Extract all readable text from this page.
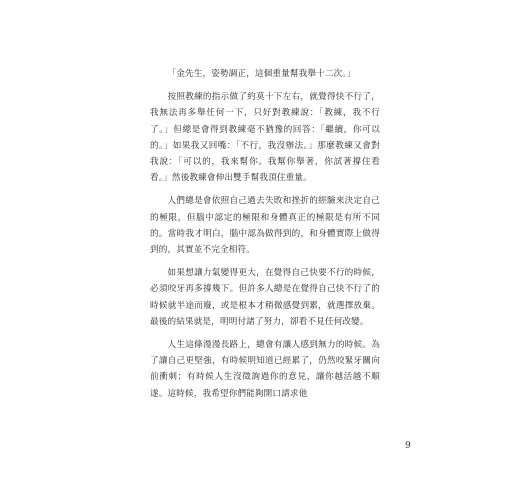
「金先生，姿勢調正，這個重量幫我舉十二次。」

按照教練的指示做了約莫十下左右，就覺得快不行了，我無法再多舉任何一下，只好對教練說：「教練，我不行了。」但總是會得到教練毫不猶豫的回答：「繼續，你可以的。」如果我又回嘴：「不行，我沒辦法。」那麼教練又會對我說：「可以的，我來幫你。我幫你舉著，你試著撐住看看。」然後教練會伸出雙手幫我頂住重量。

人們總是會依照自己過去失敗和挫折的經驗來決定自己的極限，但腦中認定的極限和身體真正的極限是有所不同的。當時我才明白，腦中認為做得到的，和身體實際上做得到的，其實並不完全相符。

如果想讓力氣變得更大，在覺得自己快要不行的時候，必須咬牙再多撐幾下。但許多人總是在覺得自己快不行了的時候就半途而廢，或是根本才稍微感覺到累，就選擇放棄。最後的結果就是，明明付諸了努力，卻看不見任何改變。

人生這條漫漫長路上，總會有讓人感到無力的時候。為了讓自己更堅強，有時候明知道已經累了，仍然咬緊牙關向前衝刺；有時候人生沒徵詢過你的意見，讓你越活越不順遂。這時候，我希望你們能夠開口請求他

9
